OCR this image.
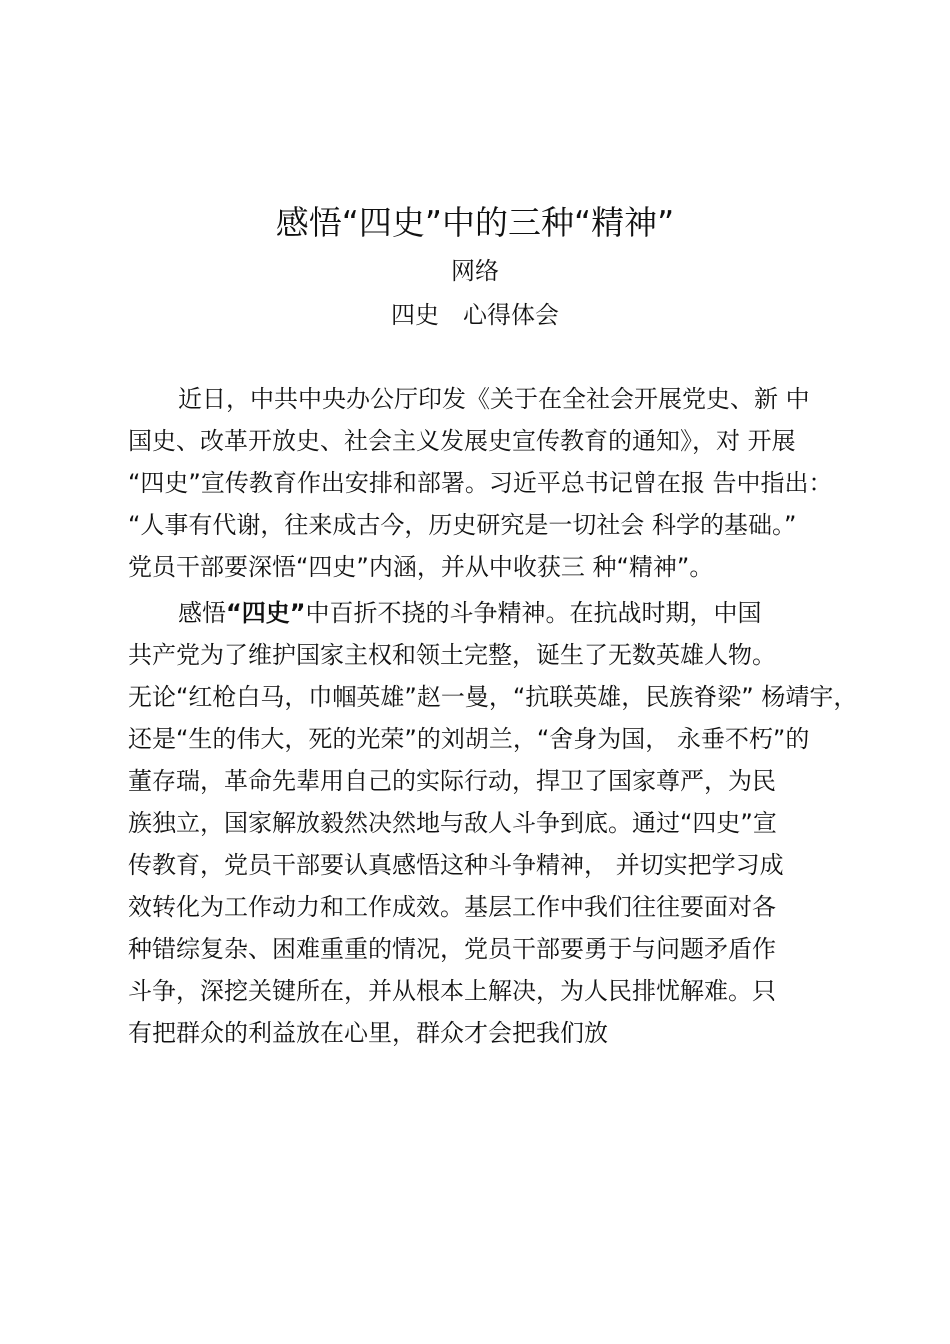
感悟“四史”中的三种“精神”
网络
四史 心得体会
近日，中共中央办公厅印发《关于在全社会开展党史、新 中
国史、改革开放史、社会主义发展史宣传教育的通知》，对 开展
“四史”宣传教育作出安排和部署。习近平总书记曾在报 告中指出：
“人事有代谢，往来成古今，历史研究是一切社会 科学的基础。”
党员干部要深悟“四史”内涵，并从中收获三 种“精神”。
感悟“四史”中百折不挠的斗争精神。在抗战时期，中国
共产党为了维护国家主权和领土完整，诞生了无数英雄人物。
无论“红枪白马，巾帼英雄”赵一曼，“抗联英雄，民族脊梁” 杨靖宇，
还是“生的伟大，死的光荣”的刘胡兰，“舍身为国， 永垂不朽”的
董存瑞，革命先辈用自己的实际行动，捍卫了国家尊严，为民
族独立，国家解放毅然决然地与敌人斗争到底。通过“四史”宣
传教育，党员干部要认真感悟这种斗争精神， 并切实把学习成
效转化为工作动力和工作成效。基层工作中我们往往要面对各
种错综复杂、困难重重的情况，党员干部要勇于与问题矛盾作
斗争，深挖关键所在，并从根本上解决，为人民排忧解难。只
有把群众的利益放在心里，群众才会把我们放
